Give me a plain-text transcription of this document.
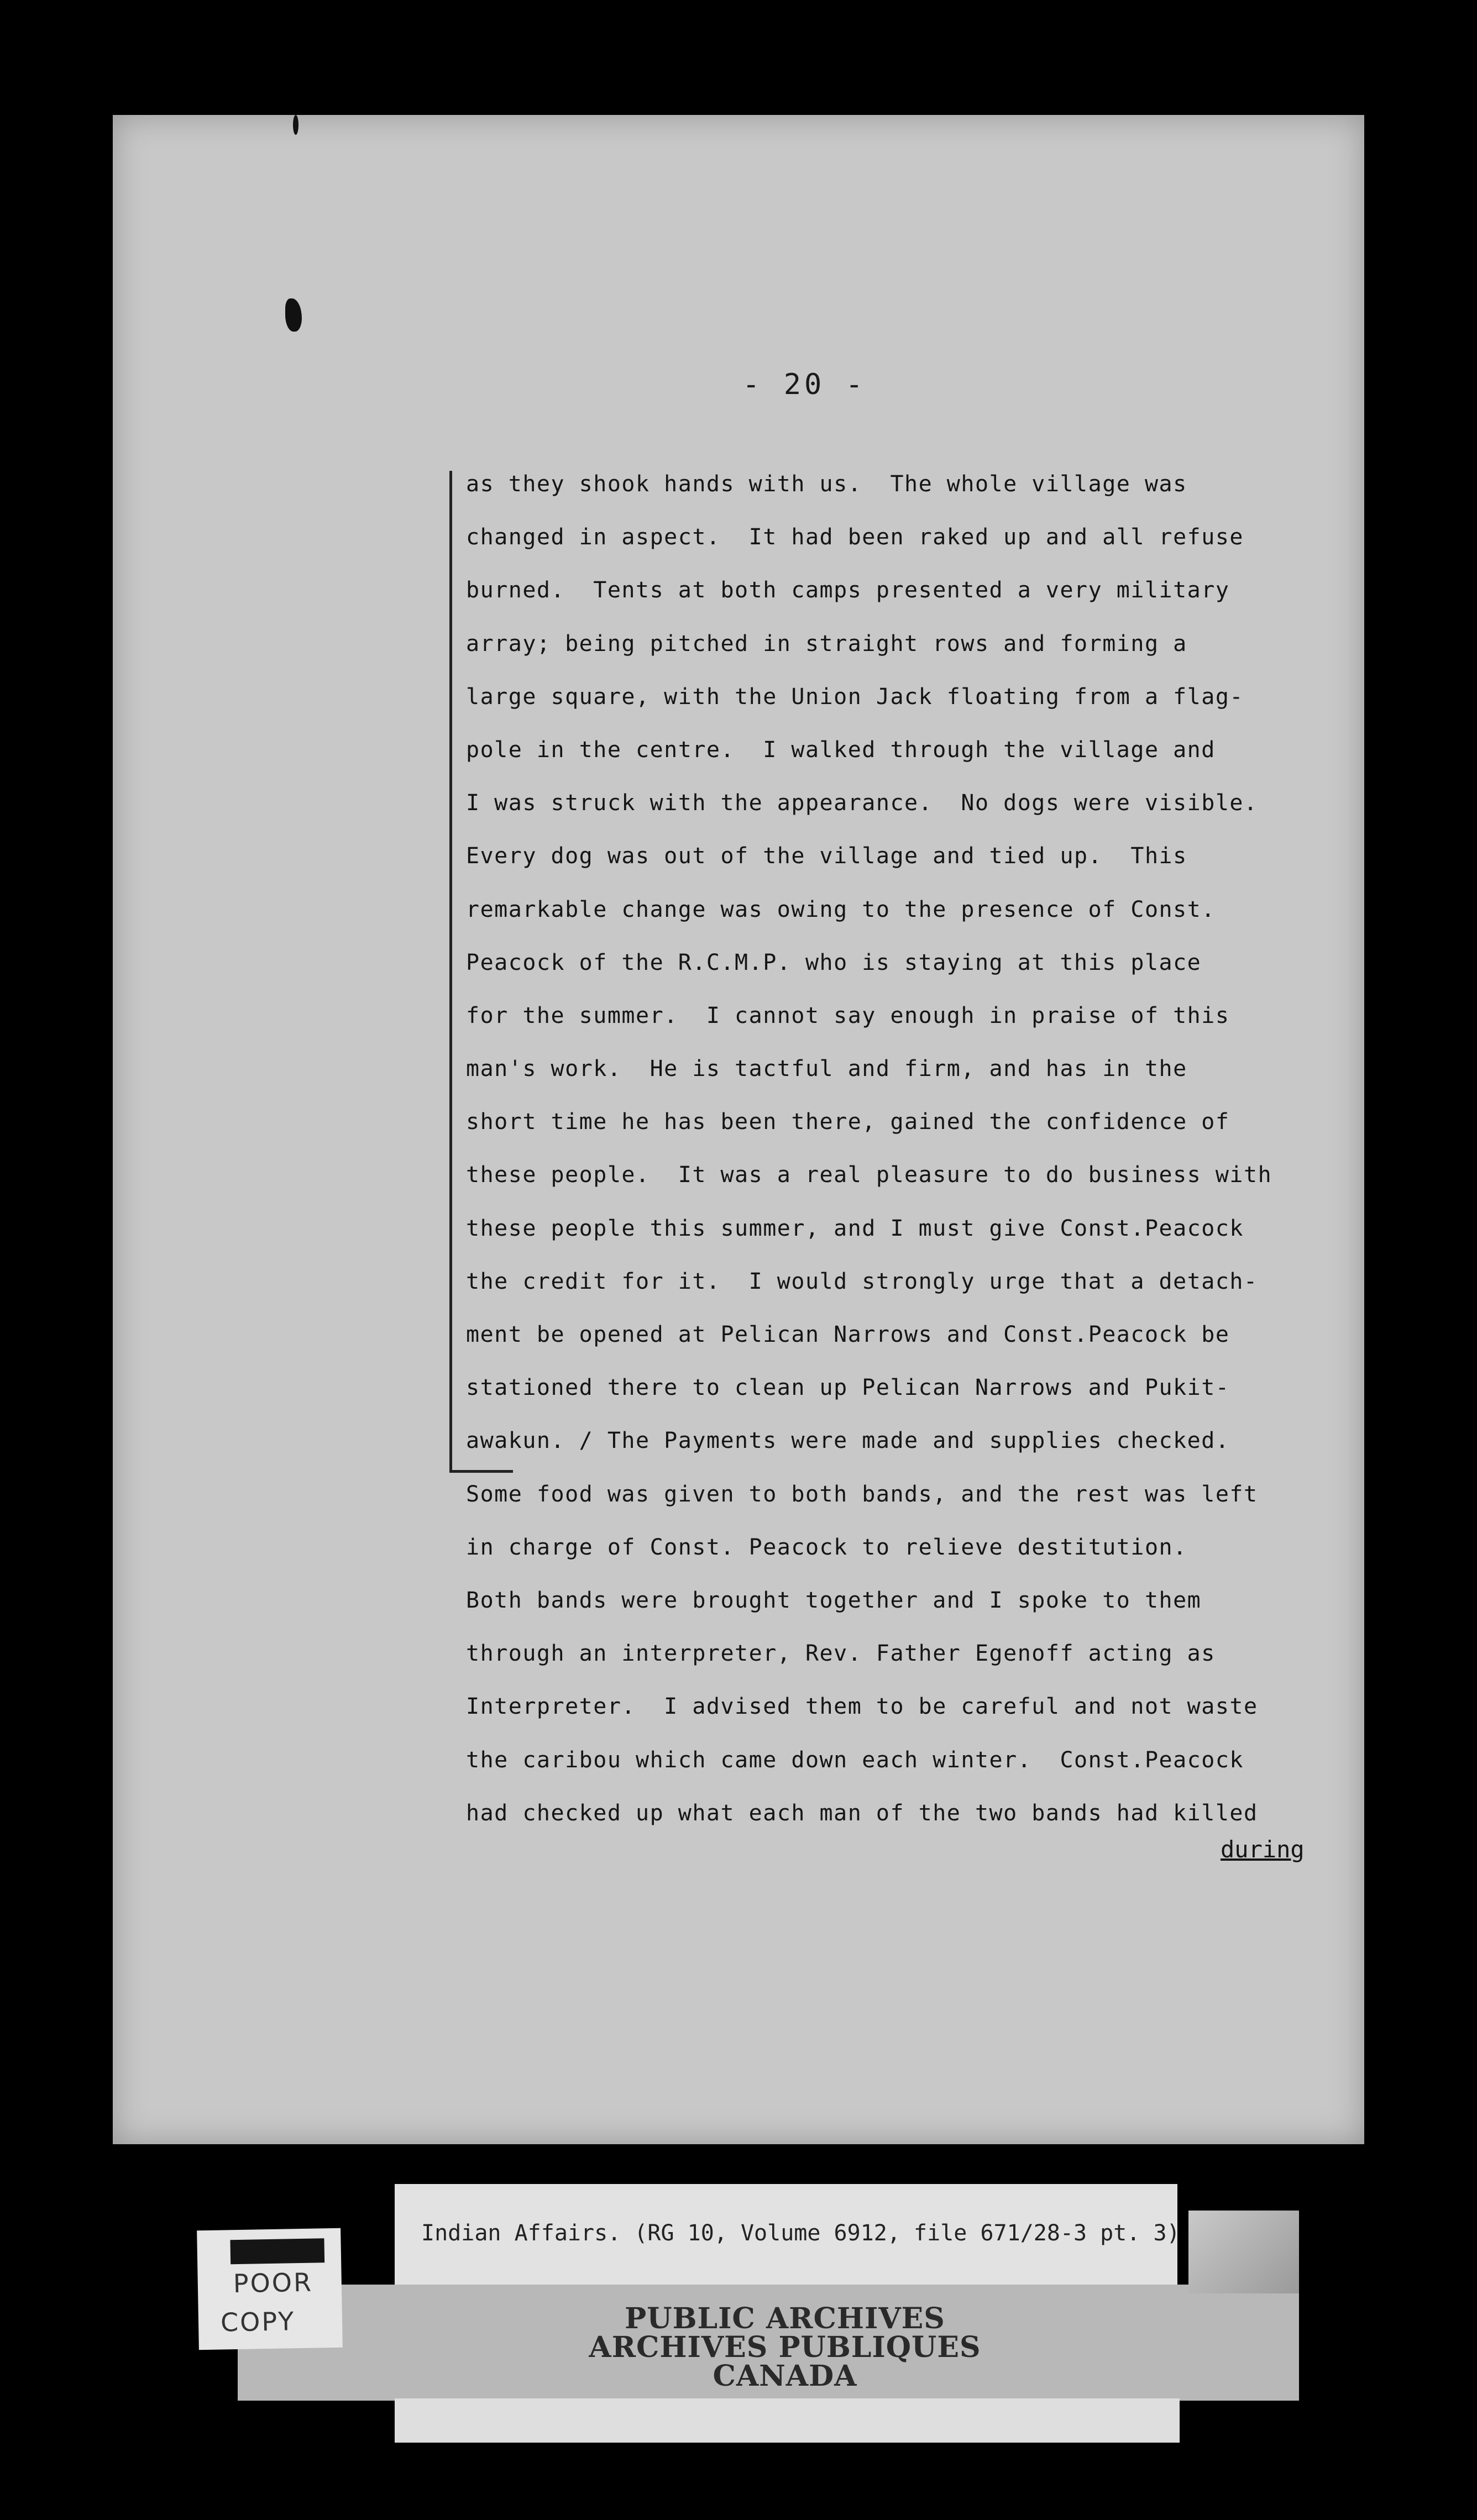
- 20 -
as they shook hands with us.  The whole village was
changed in aspect.  It had been raked up and all refuse
burned.  Tents at both camps presented a very military
array; being pitched in straight rows and forming a
large square, with the Union Jack floating from a flag-
pole in the centre.  I walked through the village and
I was struck with the appearance.  No dogs were visible.
Every dog was out of the village and tied up.  This
remarkable change was owing to the presence of Const.
Peacock of the R.C.M.P. who is staying at this place
for the summer.  I cannot say enough in praise of this
man's work.  He is tactful and firm, and has in the
short time he has been there, gained the confidence of
these people.  It was a real pleasure to do business with
these people this summer, and I must give Const.Peacock
the credit for it.  I would strongly urge that a detach-
ment be opened at Pelican Narrows and Const.Peacock be
stationed there to clean up Pelican Narrows and Pukit-
awakun. / The Payments were made and supplies checked.
Some food was given to both bands, and the rest was left
in charge of Const. Peacock to relieve destitution.
Both bands were brought together and I spoke to them
through an interpreter, Rev. Father Egenoff acting as
Interpreter.  I advised them to be careful and not waste
the caribou which came down each winter.  Const.Peacock
had checked up what each man of the two bands had killed
during
Indian Affairs. (RG 10, Volume 6912, file 671/28-3 pt. 3)
PUBLIC ARCHIVES
ARCHIVES PUBLIQUES
CANADA
POOR
COPY
